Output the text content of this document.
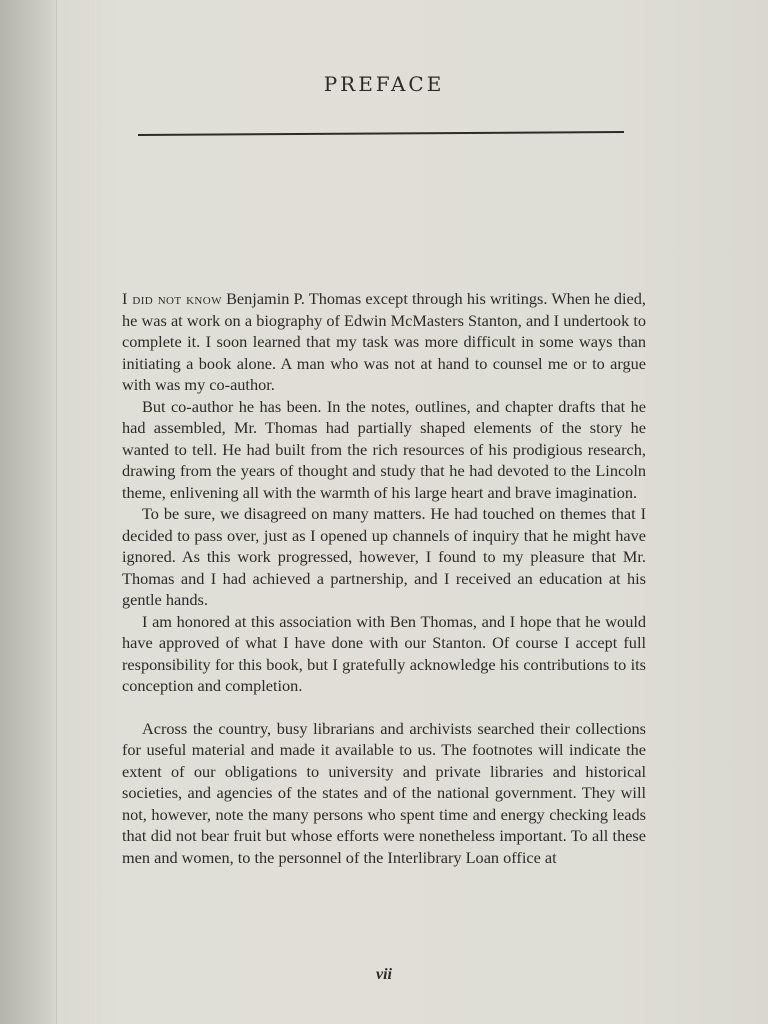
PREFACE

I did not know Benjamin P. Thomas except through his writings. When he died, he was at work on a biography of Edwin McMasters Stanton, and I undertook to complete it. I soon learned that my task was more difficult in some ways than initiating a book alone. A man who was not at hand to counsel me or to argue with was my co-author.

But co-author he has been. In the notes, outlines, and chapter drafts that he had assembled, Mr. Thomas had partially shaped elements of the story he wanted to tell. He had built from the rich resources of his prodigious research, drawing from the years of thought and study that he had devoted to the Lincoln theme, enlivening all with the warmth of his large heart and brave imagination.

To be sure, we disagreed on many matters. He had touched on themes that I decided to pass over, just as I opened up channels of inquiry that he might have ignored. As this work progressed, however, I found to my pleasure that Mr. Thomas and I had achieved a partnership, and I received an education at his gentle hands.

I am honored at this association with Ben Thomas, and I hope that he would have approved of what I have done with our Stanton. Of course I accept full responsibility for this book, but I gratefully acknowledge his contributions to its conception and completion.

Across the country, busy librarians and archivists searched their collections for useful material and made it available to us. The footnotes will indicate the extent of our obligations to university and private libraries and historical societies, and agencies of the states and of the national government. They will not, however, note the many persons who spent time and energy checking leads that did not bear fruit but whose efforts were nonetheless important. To all these men and women, to the personnel of the Interlibrary Loan office at

vii
